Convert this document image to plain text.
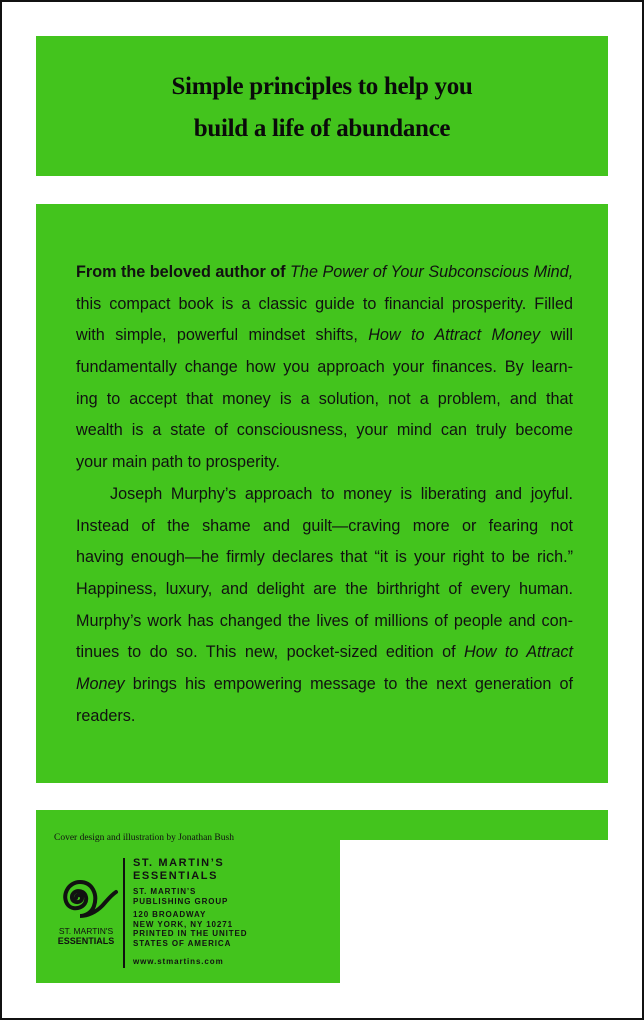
Simple principles to help you
build a life of abundance
From the beloved author of The Power of Your Subconscious Mind,
this compact book is a classic guide to financial prosperity. Filled
with simple, powerful mindset shifts, How to Attract Money will
fundamentally change how you approach your finances. By learn-
ing to accept that money is a solution, not a problem, and that
wealth is a state of consciousness, your mind can truly become
your main path to prosperity.
Joseph Murphy’s approach to money is liberating and joyful.
Instead of the shame and guilt—craving more or fearing not
having enough—he firmly declares that “it is your right to be rich.”
Happiness, luxury, and delight are the birthright of every human.
Murphy’s work has changed the lives of millions of people and con-
tinues to do so. This new, pocket-sized edition of How to Attract
Money brings his empowering message to the next generation of
readers.
Cover design and illustration by Jonathan Bush
ST. MARTIN'S
ESSENTIALS
ST. MARTIN’S
ESSENTIALS
ST. MARTIN’S
PUBLISHING GROUP
120 BROADWAY
NEW YORK, NY 10271
PRINTED IN THE UNITED
STATES OF AMERICA
www.stmartins.com
